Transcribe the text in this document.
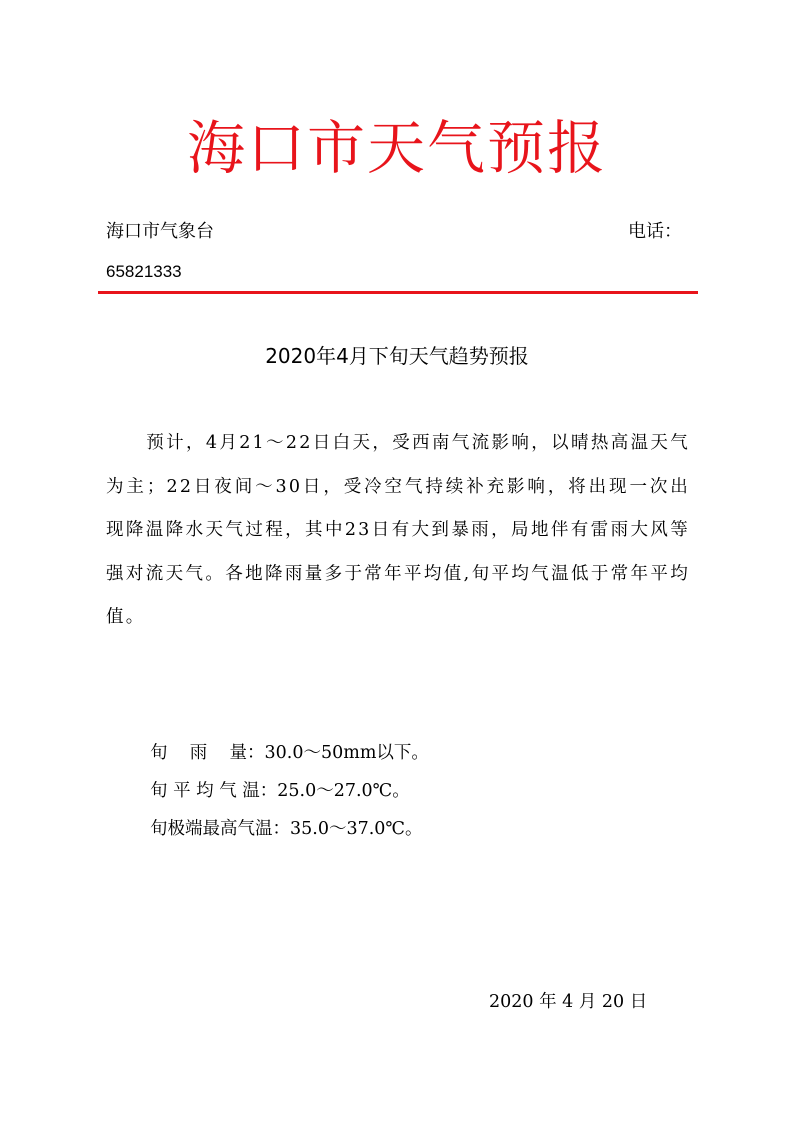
海口市天气预报
海口市气象台	电话：
65821333
2020年4月下旬天气趋势预报
预计，4月21～22日白天，受西南气流影响，以晴热高温天气为主；22日夜间～30日，受冷空气持续补充影响，将出现一次出现降温降水天气过程，其中23日有大到暴雨，局地伴有雷雨大风等强对流天气。各地降雨量多于常年平均值,旬平均气温低于常年平均值。
旬    雨    量：30.0～50mm以下。
旬 平 均 气 温：25.0～27.0℃。
旬极端最高气温：35.0～37.0℃。
2020 年 4 月 20 日
